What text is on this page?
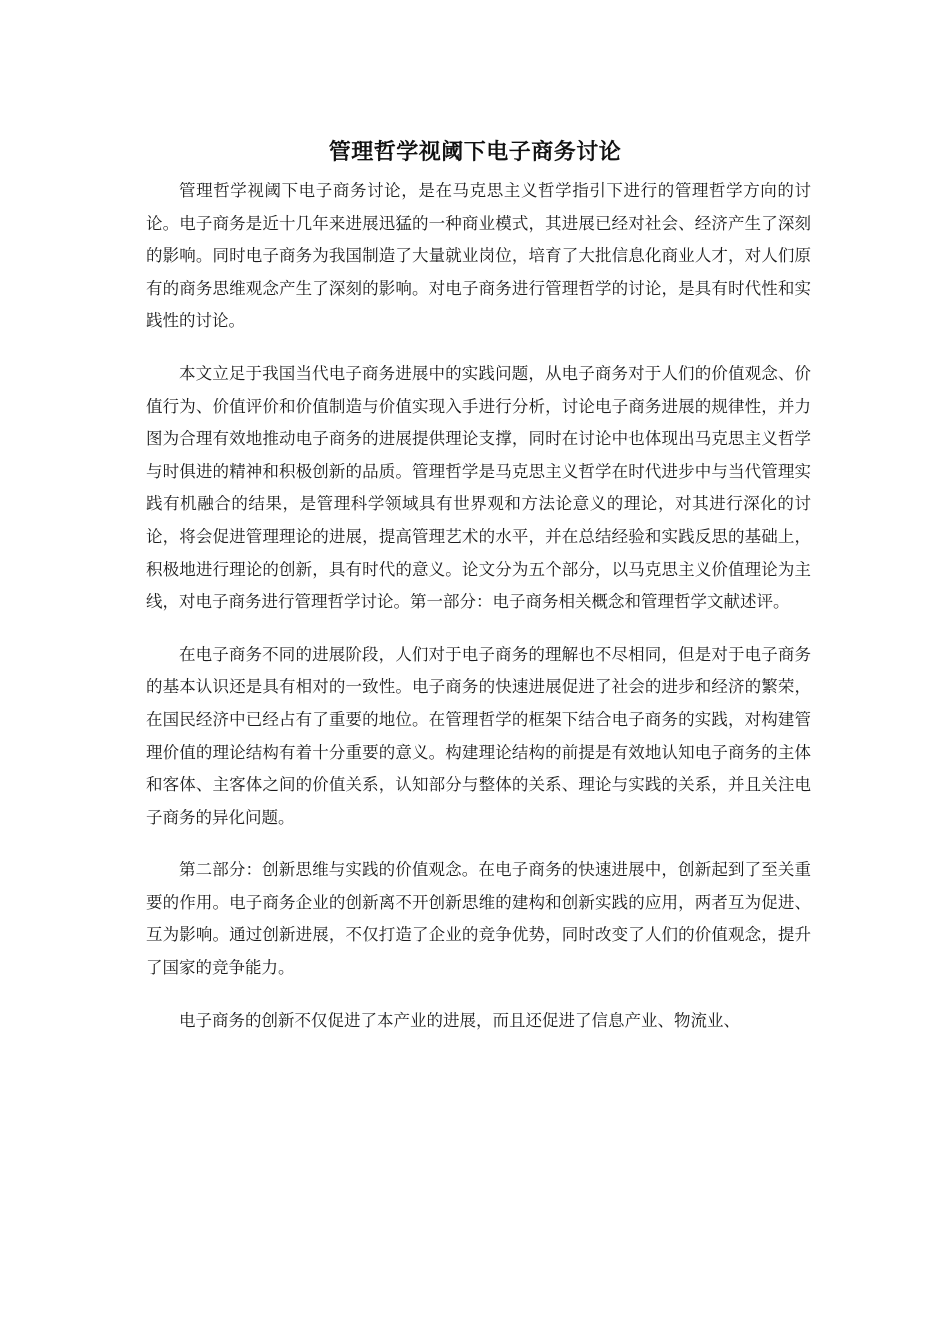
管理哲学视阈下电子商务讨论

管理哲学视阈下电子商务讨论，是在马克思主义哲学指引下进行的管理哲学方向的讨论。电子商务是近十几年来进展迅猛的一种商业模式，其进展已经对社会、经济产生了深刻的影响。同时电子商务为我国制造了大量就业岗位，培育了大批信息化商业人才，对人们原有的商务思维观念产生了深刻的影响。对电子商务进行管理哲学的讨论，是具有时代性和实践性的讨论。

本文立足于我国当代电子商务进展中的实践问题，从电子商务对于人们的价值观念、价值行为、价值评价和价值制造与价值实现入手进行分析，讨论电子商务进展的规律性，并力图为合理有效地推动电子商务的进展提供理论支撑，同时在讨论中也体现出马克思主义哲学与时俱进的精神和积极创新的品质。管理哲学是马克思主义哲学在时代进步中与当代管理实践有机融合的结果，是管理科学领域具有世界观和方法论意义的理论，对其进行深化的讨论，将会促进管理理论的进展，提高管理艺术的水平，并在总结经验和实践反思的基础上，积极地进行理论的创新，具有时代的意义。论文分为五个部分，以马克思主义价值理论为主线，对电子商务进行管理哲学讨论。第一部分：电子商务相关概念和管理哲学文献述评。

在电子商务不同的进展阶段，人们对于电子商务的理解也不尽相同，但是对于电子商务的基本认识还是具有相对的一致性。电子商务的快速进展促进了社会的进步和经济的繁荣，在国民经济中已经占有了重要的地位。在管理哲学的框架下结合电子商务的实践，对构建管理价值的理论结构有着十分重要的意义。构建理论结构的前提是有效地认知电子商务的主体和客体、主客体之间的价值关系，认知部分与整体的关系、理论与实践的关系，并且关注电子商务的异化问题。

第二部分：创新思维与实践的价值观念。在电子商务的快速进展中，创新起到了至关重要的作用。电子商务企业的创新离不开创新思维的建构和创新实践的应用，两者互为促进、互为影响。通过创新进展，不仅打造了企业的竞争优势，同时改变了人们的价值观念，提升了国家的竞争能力。

电子商务的创新不仅促进了本产业的进展，而且还促进了信息产业、物流业、
